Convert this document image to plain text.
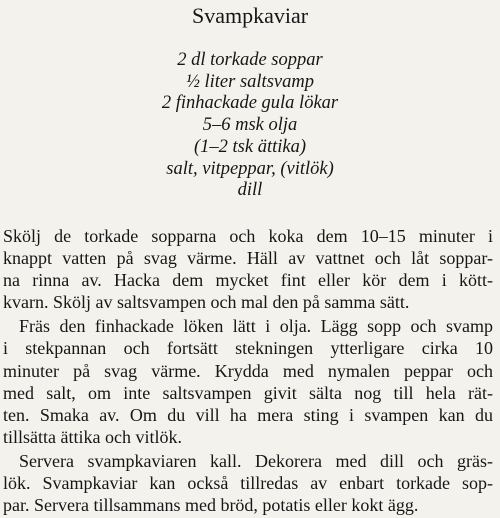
Svampkaviar
2 dl torkade soppar
½ liter saltsvamp
2 finhackade gula lökar
5–6 msk olja
(1–2 tsk ättika)
salt, vitpeppar, (vitlök)
dill
Skölj de torkade sopparna och koka dem 10–15 minuter i
knappt vatten på svag värme. Häll av vattnet och låt soppar-
na rinna av. Hacka dem mycket fint eller kör dem i kött-
kvarn. Skölj av saltsvampen och mal den på samma sätt.
Fräs den finhackade löken lätt i olja. Lägg sopp och svamp
i stekpannan och fortsätt stekningen ytterligare cirka 10
minuter på svag värme. Krydda med nymalen peppar och
med salt, om inte saltsvampen givit sälta nog till hela rät-
ten. Smaka av. Om du vill ha mera sting i svampen kan du
tillsätta ättika och vitlök.
Servera svampkaviaren kall. Dekorera med dill och gräs-
lök. Svampkaviar kan också tillredas av enbart torkade sop-
par. Servera tillsammans med bröd, potatis eller kokt ägg.
